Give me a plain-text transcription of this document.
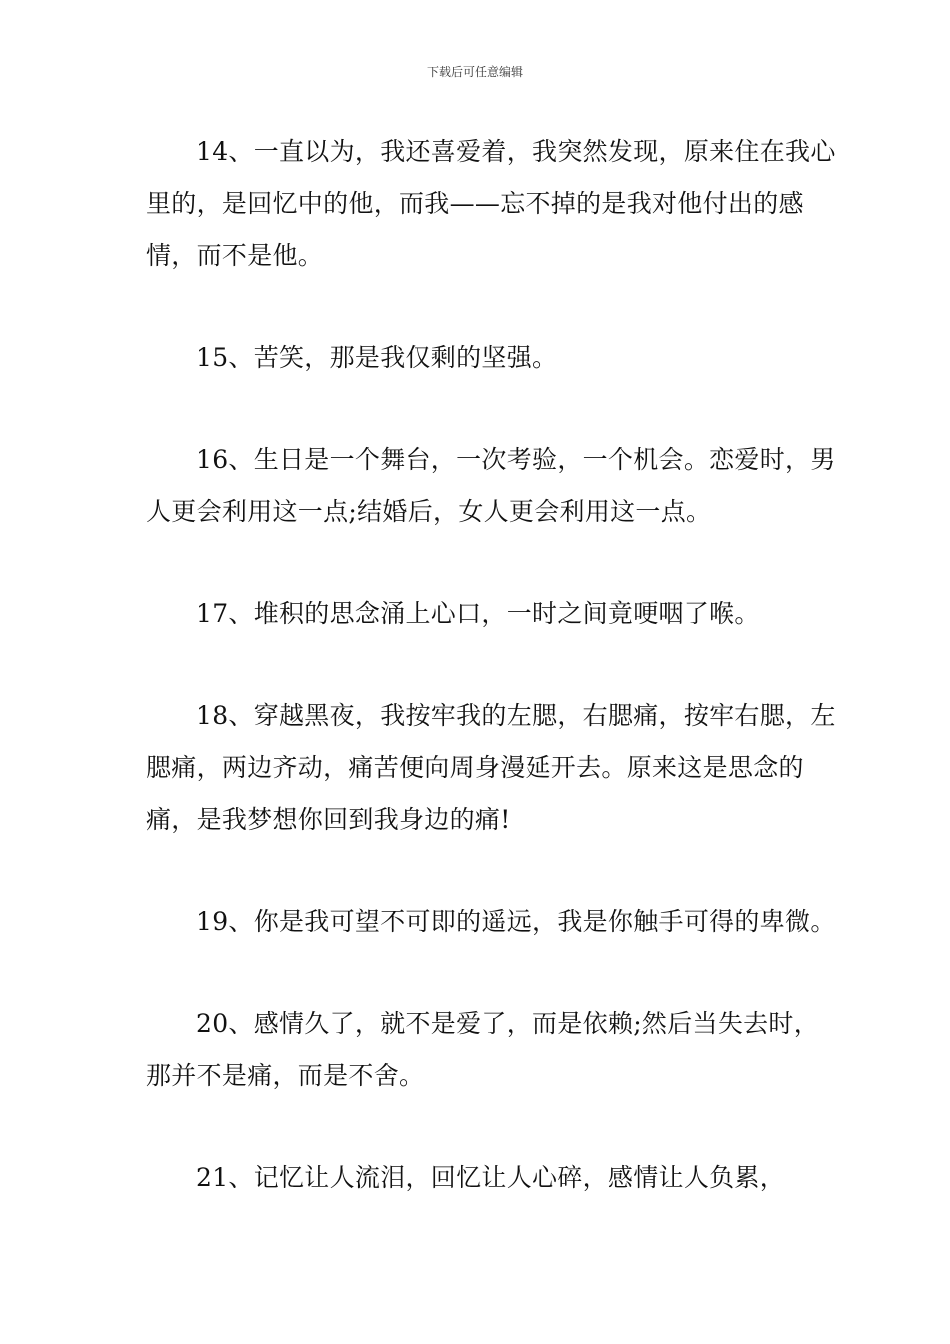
下载后可任意编辑

14、一直以为，我还喜爱着，我突然发现，原来住在我心里的，是回忆中的他，而我——忘不掉的是我对他付出的感情，而不是他。

15、苦笑，那是我仅剩的坚强。

16、生日是一个舞台，一次考验，一个机会。恋爱时，男人更会利用这一点;结婚后，女人更会利用这一点。

17、堆积的思念涌上心口，一时之间竟哽咽了喉。

18、穿越黑夜，我按牢我的左腮，右腮痛，按牢右腮，左腮痛，两边齐动，痛苦便向周身漫延开去。原来这是思念的痛，是我梦想你回到我身边的痛!

19、你是我可望不可即的遥远，我是你触手可得的卑微。

20、感情久了，就不是爱了，而是依赖;然后当失去时，那并不是痛，而是不舍。

21、记忆让人流泪，回忆让人心碎，感情让人负累，
